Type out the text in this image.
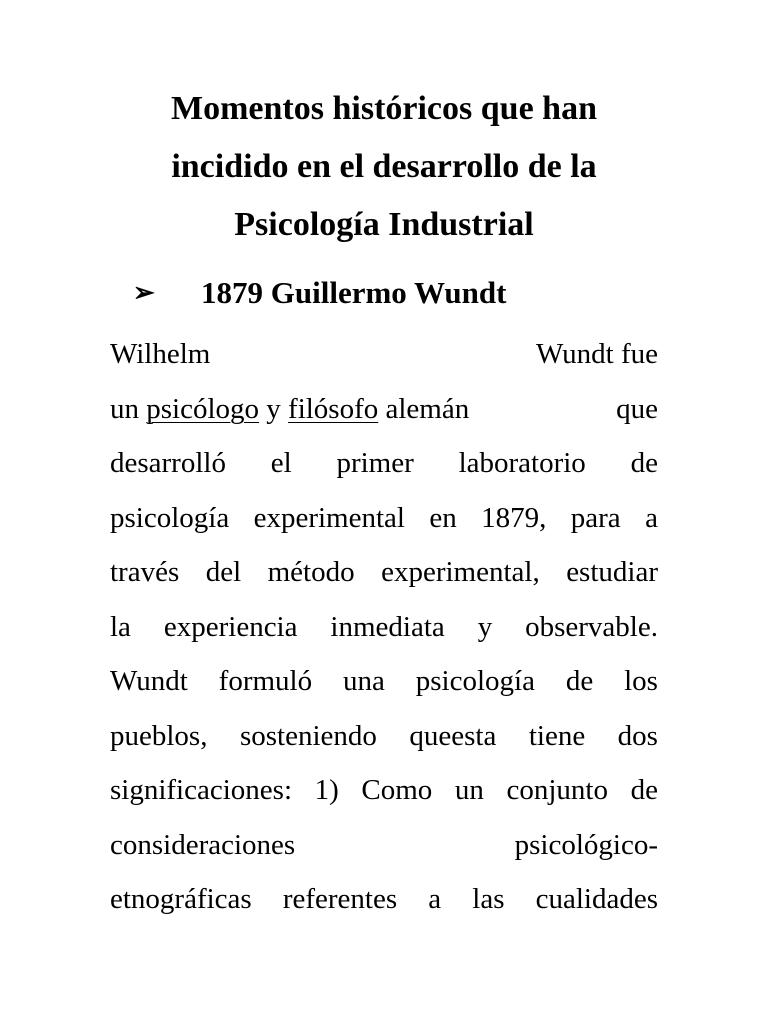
Momentos históricos que han
incidido en el desarrollo de la
Psicología Industrial
➢ 1879 Guillermo Wundt
Wilhelm	Wundt fue
un psicólogo y filósofo alemán	que
desarrolló el primer laboratorio de
psicología experimental en 1879, para a
través del método experimental, estudiar
la experiencia inmediata y observable.
Wundt formuló una psicología de los
pueblos, sosteniendo queesta tiene dos
significaciones: 1) Como un conjunto de
consideraciones	psicológico-
etnográficas referentes a las cualidades
